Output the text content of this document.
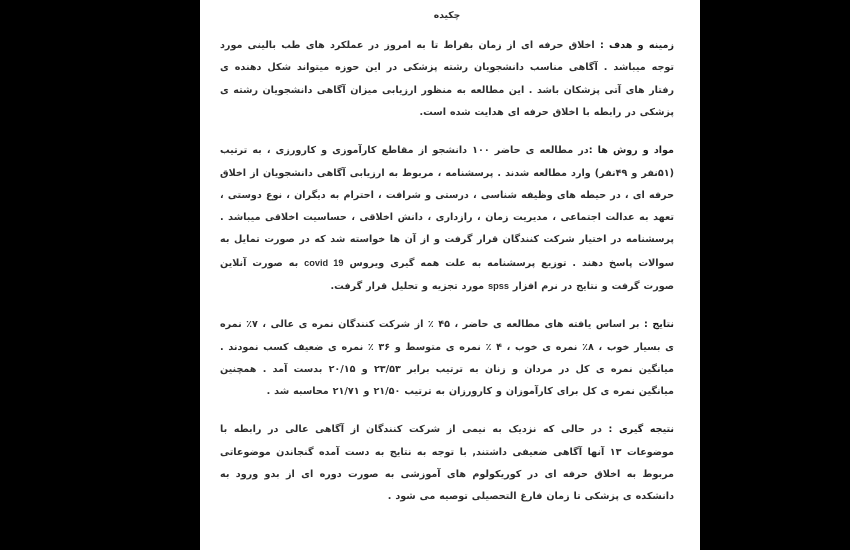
چکیده

زمینه و هدف : اخلاق حرفه ای از زمان بقراط تا به امروز در عملکرد های طب بالینی مورد توجه میباشد . آگاهی مناسب دانشجویان رشته پزشکی در این حوزه میتواند شکل دهنده ی رفتار های آتی پزشکان باشد . این مطالعه به منظور ارزیابی میزان آگاهی دانشجویان رشته ی پزشکی در رابطه با اخلاق حرفه ای هدایت شده است.

مواد و روش ها :در مطالعه ی حاضر ۱۰۰ دانشجو از مقاطع کارآموزی و کارورزی ، به ترتیب (۵۱نفر و ۴۹نفر) وارد مطالعه شدند . پرسشنامه ، مربوط به ارزیابی آگاهی دانشجویان از اخلاق حرفه ای ، در حیطه های وظیفه شناسی ، درستی و شرافت ، احترام به دیگران ، نوع دوستی ، تعهد به عدالت اجتماعی ، مدیریت زمان ، رازداری ، دانش اخلاقی ، حساسیت اخلاقی میباشد . پرسشنامه در اختیار شرکت کنندگان قرار گرفت و از آن ها خواسته شد که در صورت تمایل به سوالات پاسخ دهند . توزیع پرسشنامه به علت همه گیری ویروس covid 19 به صورت آنلاین صورت گرفت و نتایج در نرم افزار spss مورد تجزیه و تحلیل قرار گرفت.

نتایج : بر اساس یافته های مطالعه ی حاضر ، ۴۵ ٪ از شرکت کنندگان نمره ی عالی ، ۷٪ نمره ی بسیار خوب ، ۸٪ نمره ی خوب ، ۴ ٪ نمره ی متوسط و ۳۶ ٪ نمره ی ضعیف کسب نمودند . میانگین نمره ی کل در مردان و زنان به ترتیب برابر ۲۳/۵۳ و ۲۰/۱۵ بدست آمد . همچنین میانگین نمره ی کل برای کارآموزان و کارورزان به ترتیب ۲۱/۵۰ و ۲۱/۷۱ محاسبه شد .

نتیجه گیری : در حالی که نزدیک به نیمی از شرکت کنندگان از آگاهی عالی در رابطه با موضوعات ۱۳ آنها آگاهی ضعیفی داشتند, با توجه به نتایج به دست آمده گنجاندن موضوعاتی مربوط به اخلاق حرفه ای در کوریکولوم های آموزشی به صورت دوره ای از بدو ورود به دانشکده ی پزشکی تا زمان فارغ التحصیلی توصیه می شود .
